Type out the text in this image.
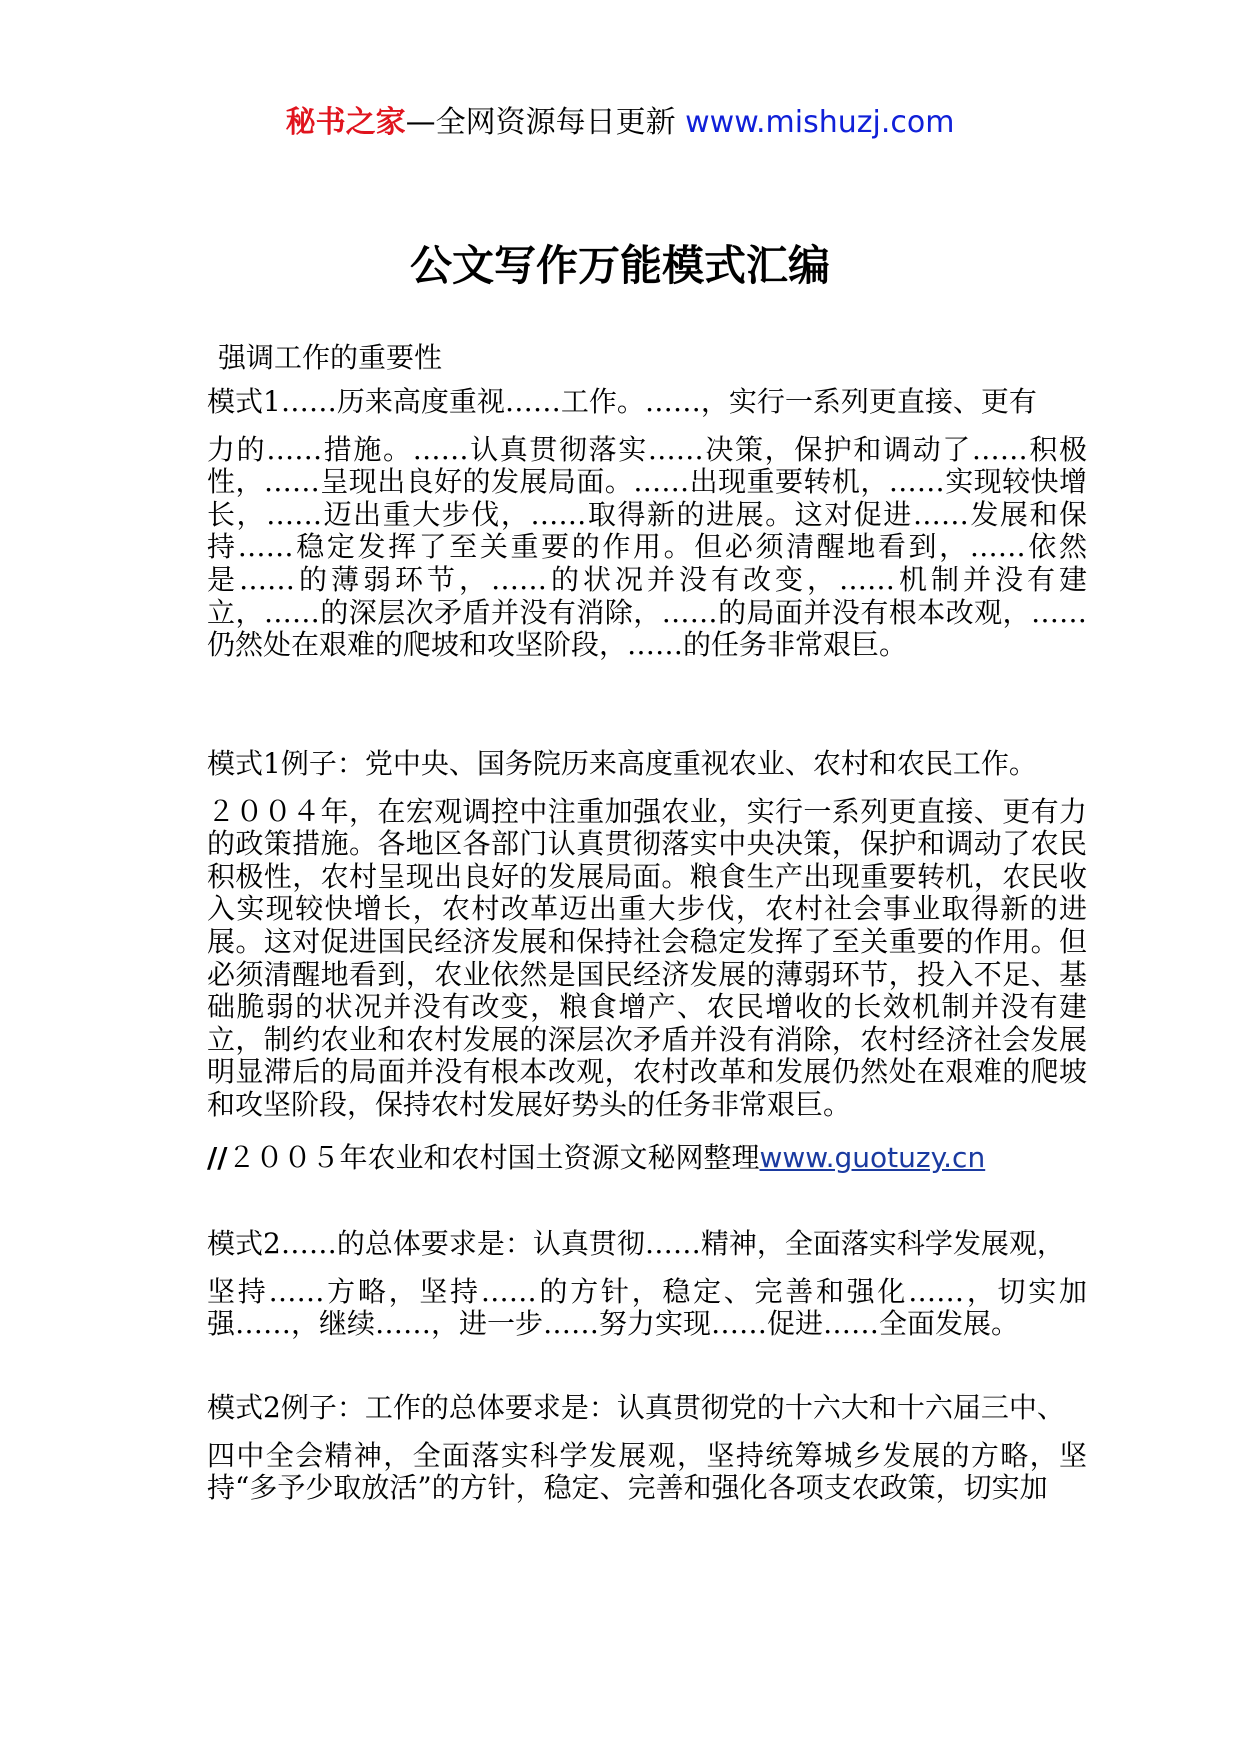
秘书之家—全网资源每日更新 www.mishuzj.com
公文写作万能模式汇编
强调工作的重要性
模式1……历来高度重视……工作。……，实行一系列更直接、更有
力的……措施。……认真贯彻落实……决策，保护和调动了……积极性，……呈现出良好的发展局面。……出现重要转机，……实现较快增长，……迈出重大步伐，……取得新的进展。这对促进……发展和保持……稳定发挥了至关重要的作用。但必须清醒地看到，……依然是……的薄弱环节，……的状况并没有改变，……机制并没有建立，……的深层次矛盾并没有消除，……的局面并没有根本改观，……仍然处在艰难的爬坡和攻坚阶段，……的任务非常艰巨。
模式1例子：党中央、国务院历来高度重视农业、农村和农民工作。
２００４年，在宏观调控中注重加强农业，实行一系列更直接、更有力的政策措施。各地区各部门认真贯彻落实中央决策，保护和调动了农民积极性，农村呈现出良好的发展局面。粮食生产出现重要转机，农民收入实现较快增长，农村改革迈出重大步伐，农村社会事业取得新的进展。这对促进国民经济发展和保持社会稳定发挥了至关重要的作用。但必须清醒地看到，农业依然是国民经济发展的薄弱环节，投入不足、基础脆弱的状况并没有改变，粮食增产、农民增收的长效机制并没有建立，制约农业和农村发展的深层次矛盾并没有消除，农村经济社会发展明显滞后的局面并没有根本改观，农村改革和发展仍然处在艰难的爬坡和攻坚阶段，保持农村发展好势头的任务非常艰巨。
//２００５年农业和农村国土资源文秘网整理www.guotuzy.cn
模式2……的总体要求是：认真贯彻……精神，全面落实科学发展观，
坚持……方略，坚持……的方针，稳定、完善和强化……，切实加强……，继续……，进一步……努力实现……促进……全面发展。
模式2例子：工作的总体要求是：认真贯彻党的十六大和十六届三中、
四中全会精神，全面落实科学发展观，坚持统筹城乡发展的方略，坚持“多予少取放活”的方针，稳定、完善和强化各项支农政策，切实加
